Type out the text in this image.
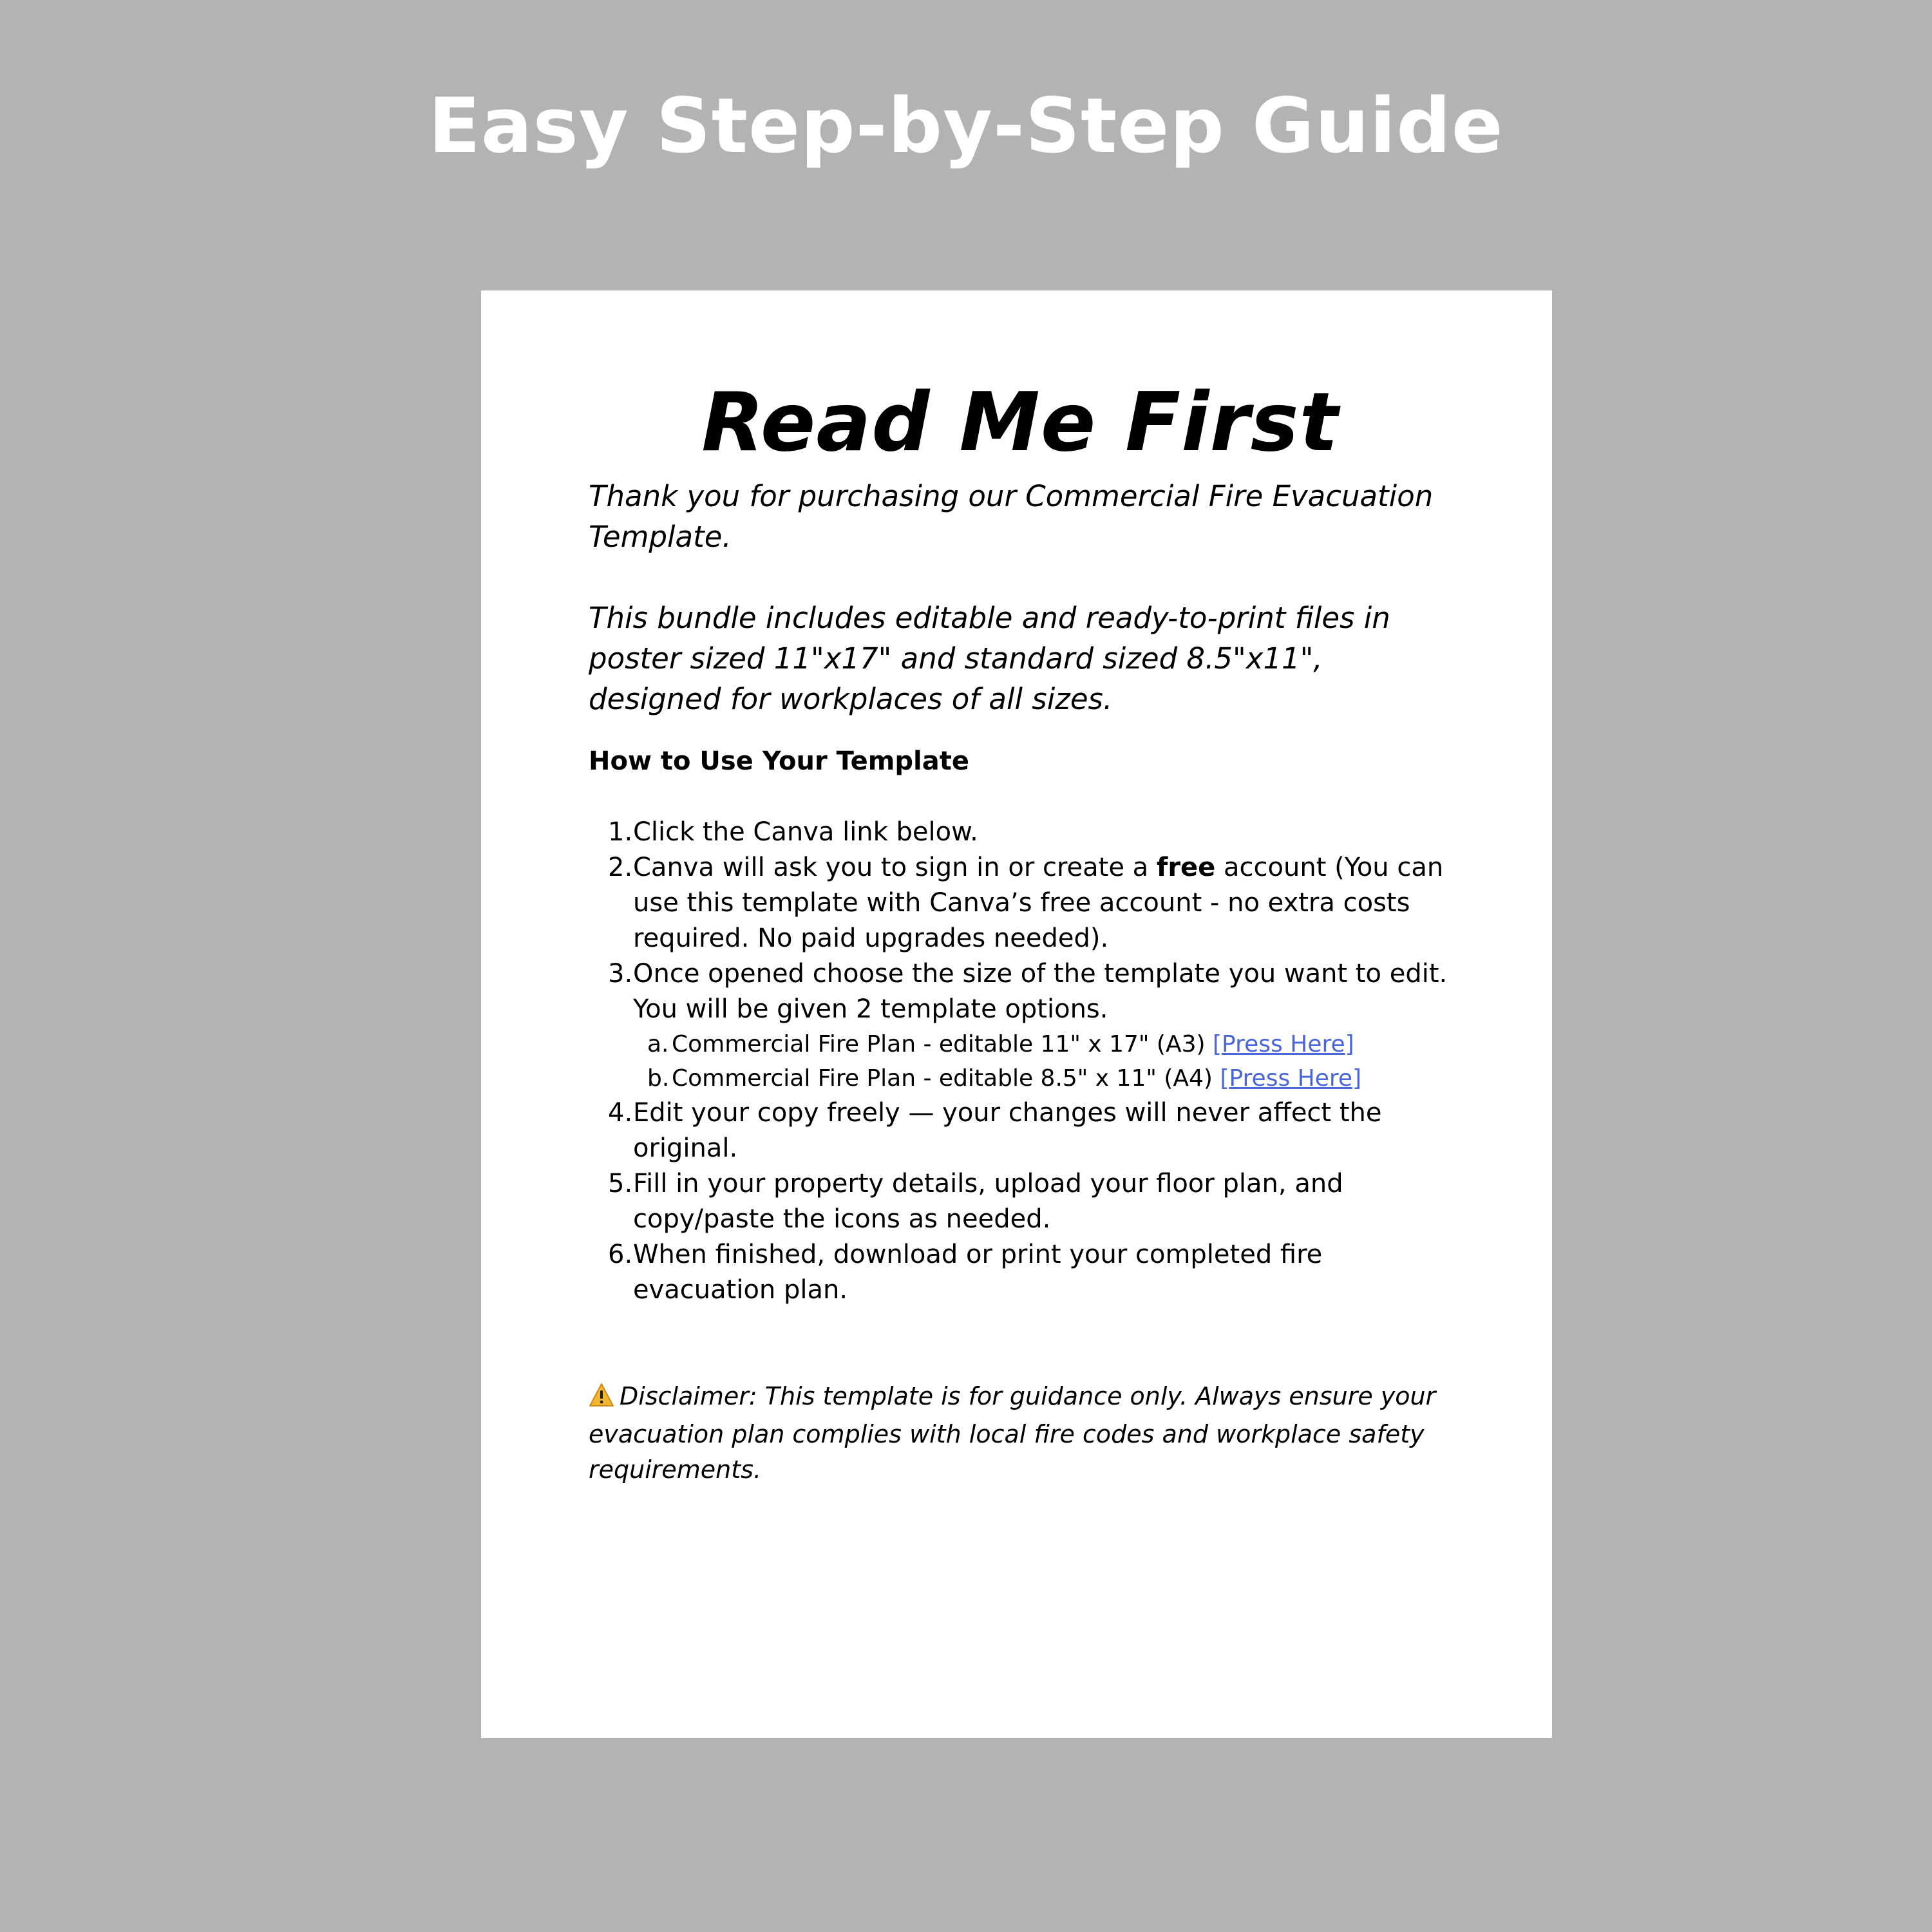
Easy Step-by-Step Guide
Read Me First

Thank you for purchasing our Commercial Fire Evacuation Template.

This bundle includes editable and ready-to-print files in poster sized 11"x17" and standard sized 8.5"x11", designed for workplaces of all sizes.

How to Use Your Template
1. Click the Canva link below.
2. Canva will ask you to sign in or create a free account (You can use this template with Canva’s free account - no extra costs required. No paid upgrades needed).
3. Once opened choose the size of the template you want to edit. You will be given 2 template options.
a. Commercial Fire Plan - editable 11" x 17" (A3) [Press Here]
b. Commercial Fire Plan - editable 8.5" x 11" (A4) [Press Here]
4. Edit your copy freely — your changes will never affect the original.
5. Fill in your property details, upload your floor plan, and copy/paste the icons as needed.
6. When finished, download or print your completed fire evacuation plan.

Disclaimer: This template is for guidance only. Always ensure your evacuation plan complies with local fire codes and workplace safety requirements.
